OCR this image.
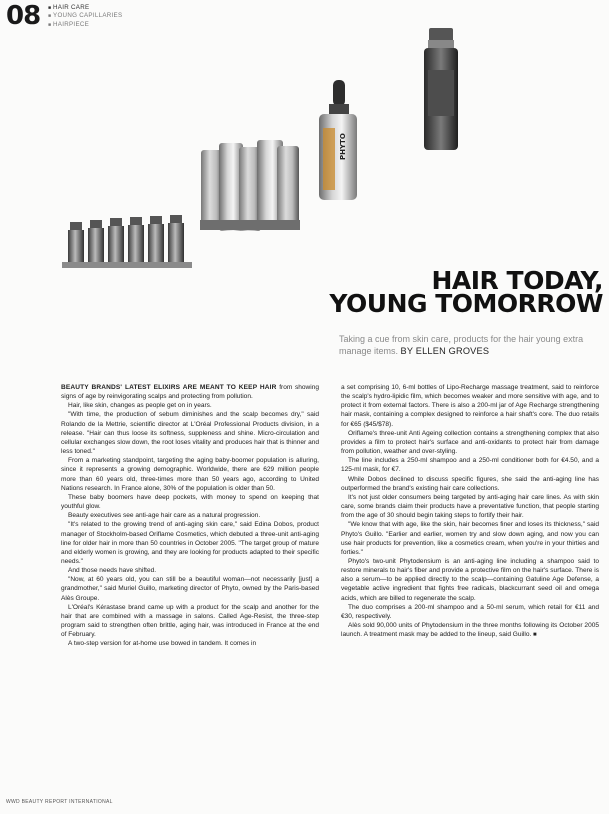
08
■	HAIR CARE
■ YOUNG CAPILLARIES
■ HAIRPIECE
PHYTO
HAIR TODAY,
YOUNG TOMORROW
Taking a cue from skin care, products for the hair young extra manage items. BY ELLEN GROVES

BEAUTY BRANDS' LATEST ELIXIRS ARE MEANT TO KEEP HAIR from showing signs of age by reinvigorating scalps and protecting from pollution.

Hair, like skin, changes as people get on in years.

"With time, the production of sebum diminishes and the scalp becomes dry," said Rolando de la Mettrie, scientific director at L'Oréal Professional Products division, in a release. "Hair can thus loose its softness, suppleness and shine. Micro-circulation and cellular exchanges slow down, the root loses vitality and produces hair that is thinner and less toned."

From a marketing standpoint, targeting the aging baby-boomer population is alluring, since it represents a growing demographic. Worldwide, there are 629 million people more than 60 years old, three-times more than 50 years ago, according to United Nations research. In France alone, 30% of the population is older than 50.

These baby boomers have deep pockets, with money to spend on keeping that youthful glow.

Beauty executives see anti-age hair care as a natural progression.

"It's related to the growing trend of anti-aging skin care," said Edina Dobos, product manager of Stockholm-based Oriflame Cosmetics, which debuted a three-unit anti-aging line for older hair in more than 50 countries in October 2005. "The target group of mature and elderly women is growing, and they are looking for products adapted to their specific needs."

And those needs have shifted.

"Now, at 60 years old, you can still be a beautiful woman—not necessarily [just] a grandmother," said Muriel Guillo, marketing director of Phyto, owned by the Paris-based Alès Groupe.

L'Oréal's Kérastase brand came up with a product for the scalp and another for the hair that are combined with a massage in salons. Called Age-Resist, the three-step program said to strengthen often brittle, aging hair, was introduced in France at the end of February.

A two-step version for at-home use bowed in tandem. It comes in

a set comprising 10, 6-ml bottles of Lipo-Recharge massage treatment, said to reinforce the scalp's hydro-lipidic film, which becomes weaker and more sensitive with age, and to protect it from external factors. There is also a 200-ml jar of Age Recharge strengthening hair mask, containing a complex designed to reinforce a hair shaft's core. The duo retails for €65 ($45/$78).

Oriflame's three-unit Anti Ageing collection contains a strengthening complex that also provides a film to protect hair's surface and anti-oxidants to protect hair from damage from pollution, weather and over-styling.

The line includes a 250-ml shampoo and a 250-ml conditioner both for €4.50, and a 125-ml mask, for €7.

While Dobos declined to discuss specific figures, she said the anti-aging line has outperformed the brand's existing hair care collections.

It's not just older consumers being targeted by anti-aging hair care lines. As with skin care, some brands claim their products have a preventative function, that people starting from the age of 30 should begin taking steps to fortify their hair.

"We know that with age, like the skin, hair becomes finer and loses its thickness," said Phyto's Guillo. "Earlier and earlier, women try and slow down aging, and now you can use hair products for prevention, like a cosmetics cream, when you're in your thirties and forties."

Phyto's two-unit Phytodensium is an anti-aging line including a shampoo said to restore minerals to hair's fiber and provide a protective film on the hair's surface. There is also a serum—to be applied directly to the scalp—containing Gatuline Age Defense, a vegetable active ingredient that fights free radicals, blackcurrant seed oil and omega acids, which are billed to regenerate the scalp.

The duo comprises a 200-ml shampoo and a 50-ml serum, which retail for €11 and €30, respectively.

Alès sold 90,000 units of Phytodensium in the three months following its October 2005 launch. A treatment mask may be added to the lineup, said Guillo. ■

WWD BEAUTY REPORT INTERNATIONAL
